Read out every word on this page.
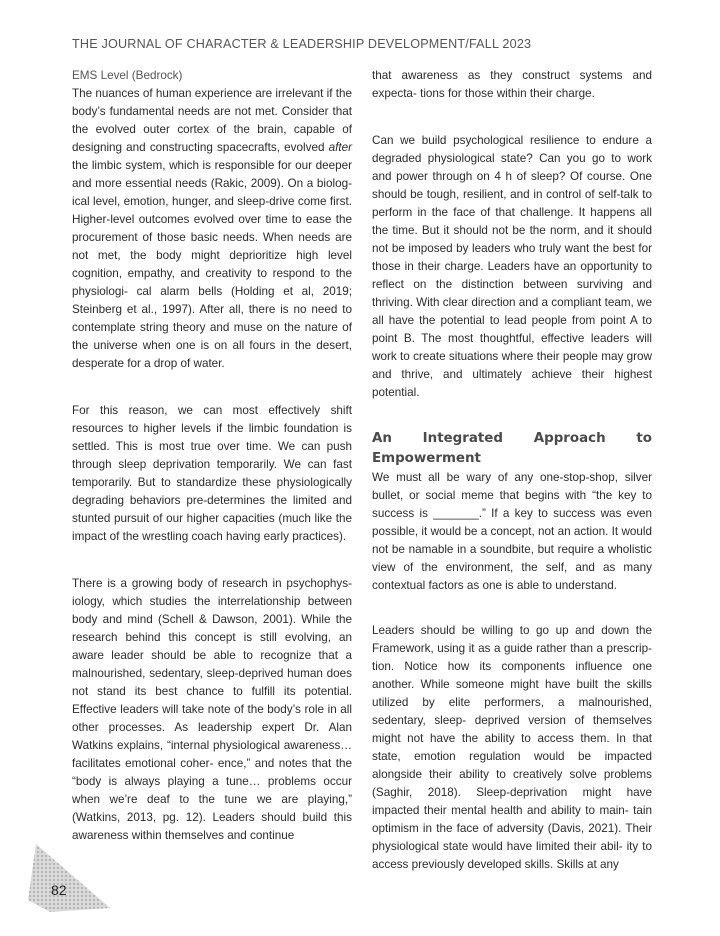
THE JOURNAL OF CHARACTER & LEADERSHIP DEVELOPMENT/FALL 2023

EMS Level (Bedrock)

The nuances of human experience are irrelevant if the body’s fundamental needs are not met. Consider that the evolved outer cortex of the brain, capable of designing and constructing spacecrafts, evolved after the limbic system, which is responsible for our deeper and more essential needs (Rakic, 2009). On a biolog- ical level, emotion, hunger, and sleep-drive come first. Higher-level outcomes evolved over time to ease the procurement of those basic needs. When needs are not met, the body might deprioritize high level cognition, empathy, and creativity to respond to the physiologi- cal alarm bells (Holding et al, 2019; Steinberg et al., 1997). After all, there is no need to contemplate string theory and muse on the nature of the universe when one is on all fours in the desert, desperate for a drop of water.

For this reason, we can most effectively shift resources to higher levels if the limbic foundation is settled. This is most true over time. We can push through sleep deprivation temporarily. We can fast temporarily. But to standardize these physiologically degrading behaviors pre-determines the limited and stunted pursuit of our higher capacities (much like the impact of the wrestling coach having early practices).

There is a growing body of research in psychophys- iology, which studies the interrelationship between body and mind (Schell & Dawson, 2001). While the research behind this concept is still evolving, an aware leader should be able to recognize that a malnourished, sedentary, sleep-deprived human does not stand its best chance to fulfill its potential. Effective leaders will take note of the body’s role in all other processes. As leadership expert Dr. Alan Watkins explains, “internal physiological awareness… facilitates emotional coher- ence,” and notes that the “body is always playing a tune… problems occur when we’re deaf to the tune we are playing,” (Watkins, 2013, pg. 12). Leaders should build this awareness within themselves and continue

that awareness as they construct systems and expecta- tions for those within their charge.

Can we build psychological resilience to endure a degraded physiological state? Can you go to work and power through on 4 h of sleep? Of course. One should be tough, resilient, and in control of self-talk to perform in the face of that challenge. It happens all the time. But it should not be the norm, and it should not be imposed by leaders who truly want the best for those in their charge. Leaders have an opportunity to reflect on the distinction between surviving and thriving. With clear direction and a compliant team, we all have the potential to lead people from point A to point B. The most thoughtful, effective leaders will work to create situations where their people may grow and thrive, and ultimately achieve their highest potential.

An Integrated Approach to Empowerment

We must all be wary of any one-stop-shop, silver bullet, or social meme that begins with “the key to success is _______.” If a key to success was even possible, it would be a concept, not an action. It would not be namable in a soundbite, but require a wholistic view of the environment, the self, and as many contextual factors as one is able to understand.

Leaders should be willing to go up and down the Framework, using it as a guide rather than a prescrip- tion. Notice how its components influence one another. While someone might have built the skills utilized by elite performers, a malnourished, sedentary, sleep- deprived version of themselves might not have the ability to access them. In that state, emotion regulation would be impacted alongside their ability to creatively solve problems (Saghir, 2018). Sleep-deprivation might have impacted their mental health and ability to main- tain optimism in the face of adversity (Davis, 2021). Their physiological state would have limited their abil- ity to access previously developed skills. Skills at any

82
